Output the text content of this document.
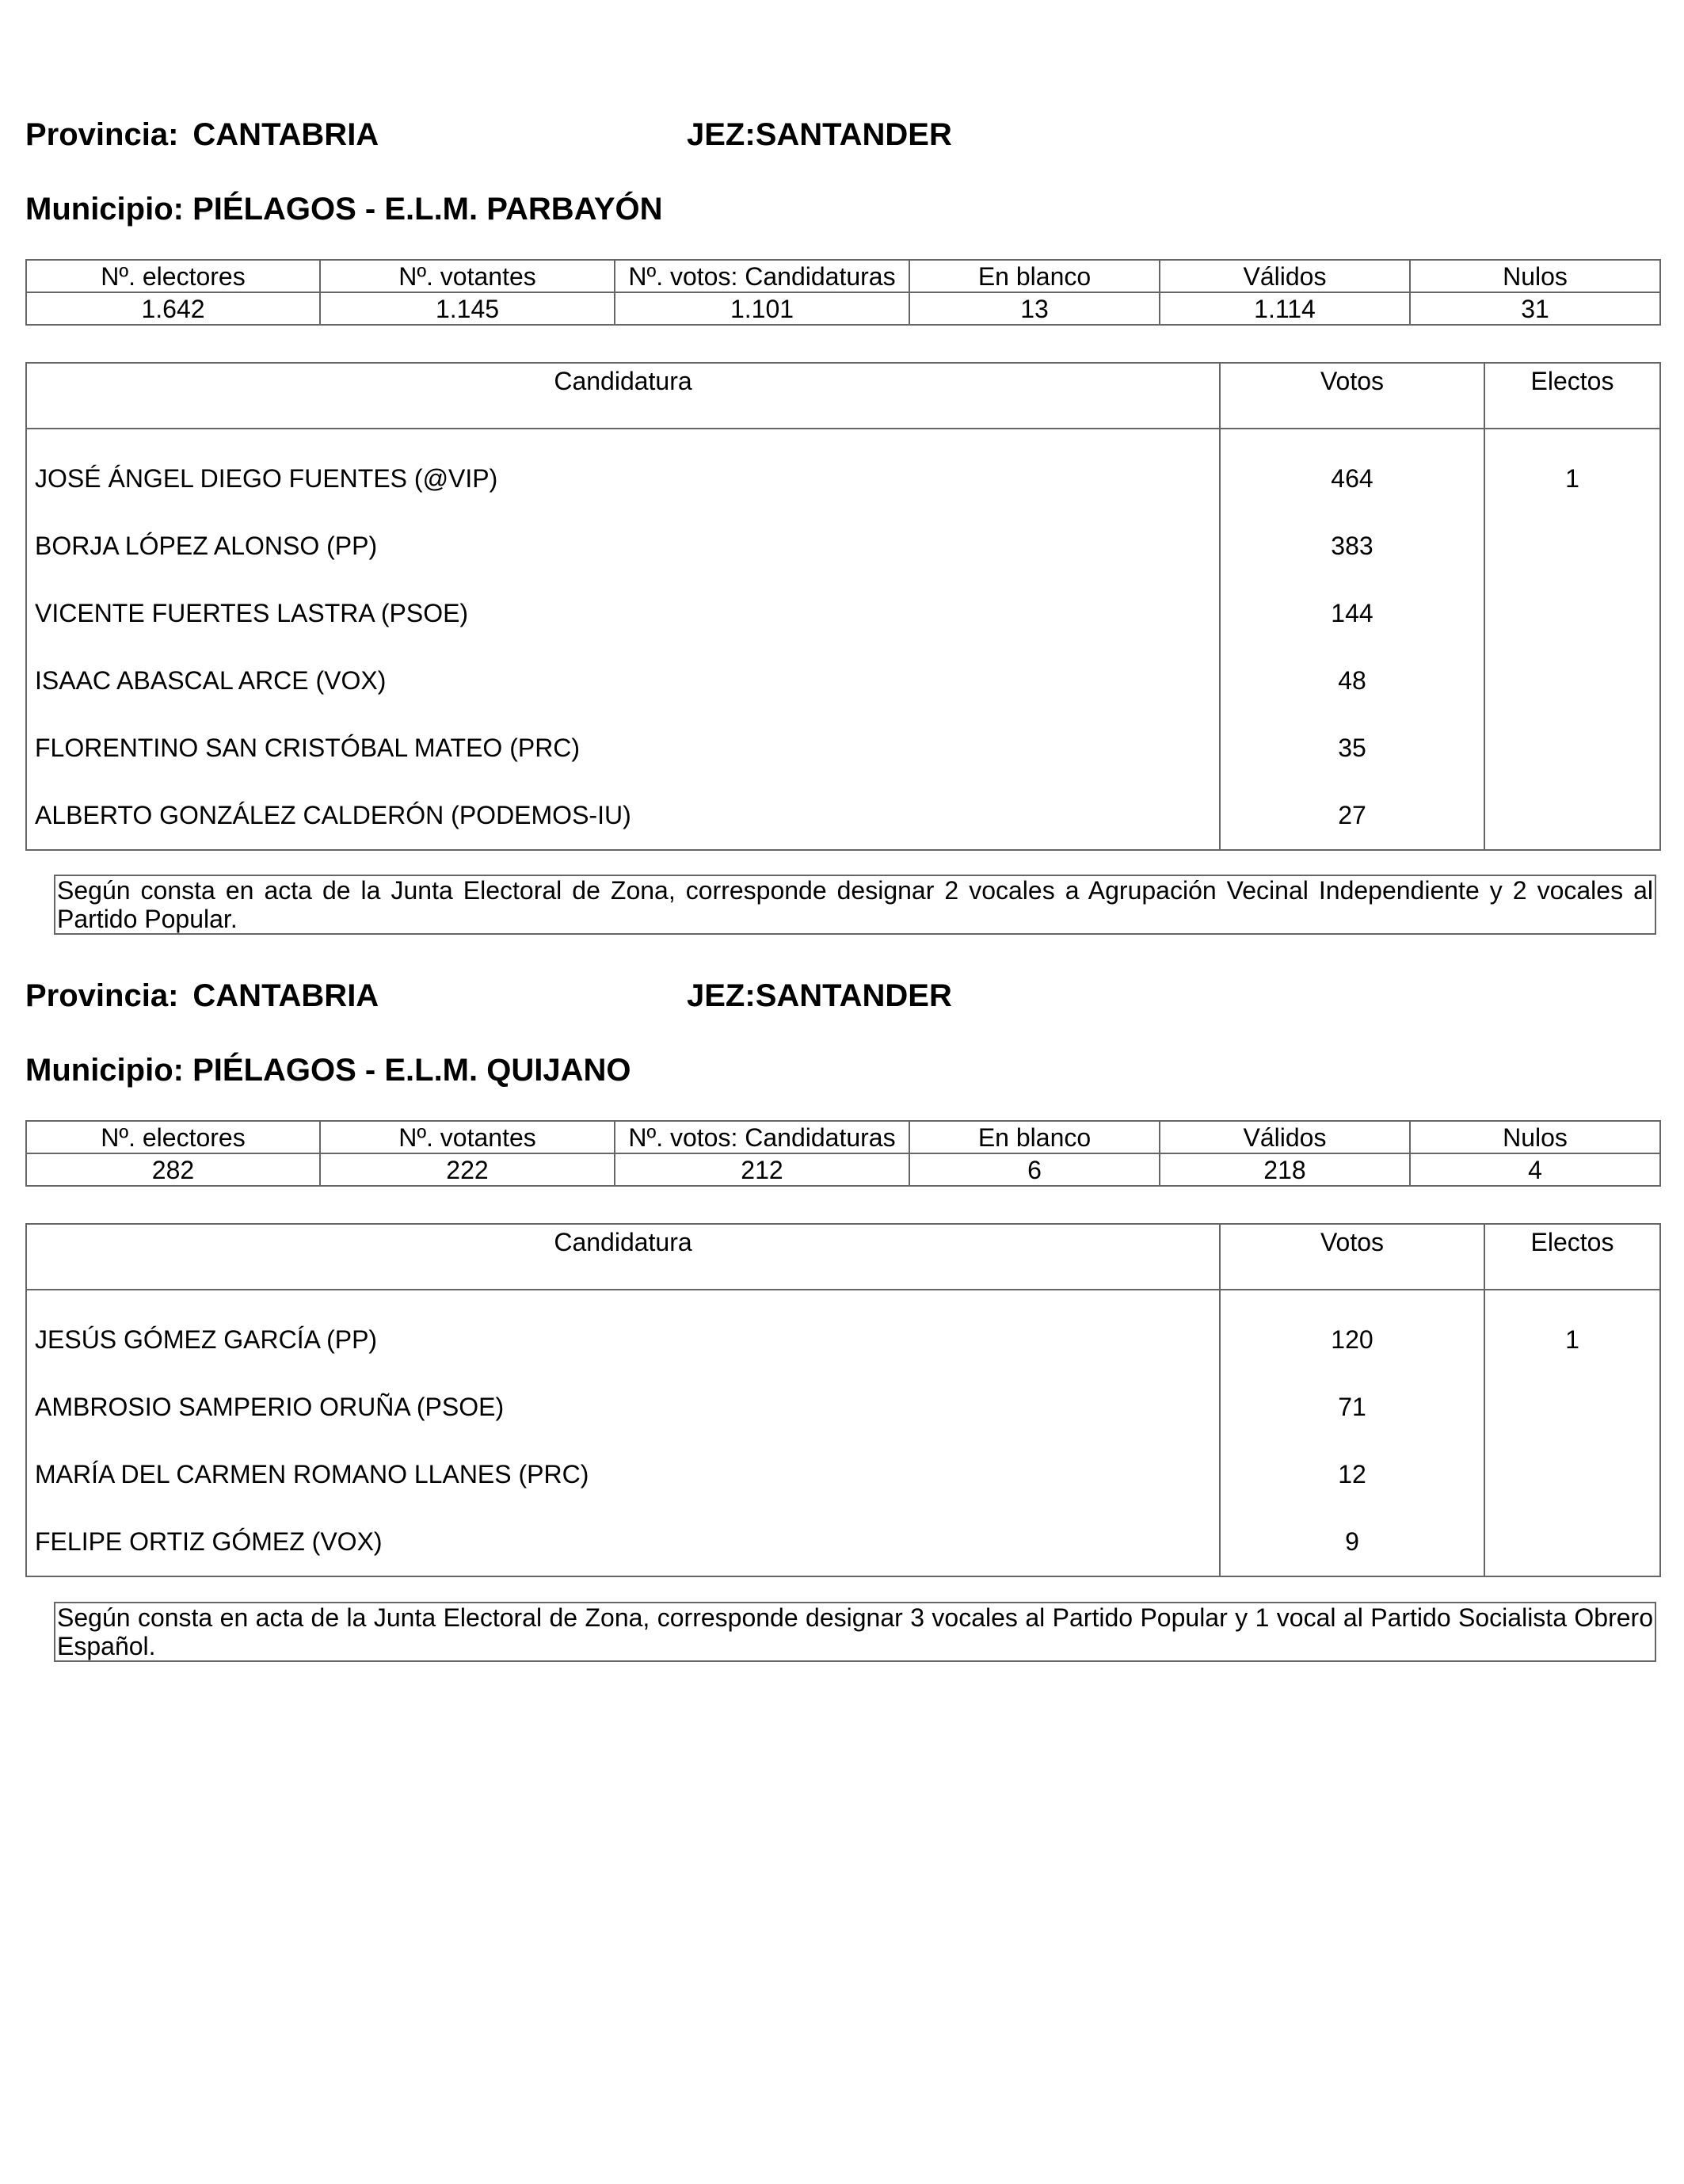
Provincia: CANTABRIA	JEZ:SANTANDER
Municipio: PIÉLAGOS - E.L.M. PARBAYÓN
Nº. electores	Nº. votantes	Nº. votos: Candidaturas	En blanco	Válidos	Nulos
1.642	1.145	1.101	13	1.114	31
Candidatura	Votos	Electos

JOSÉ ÁNGEL DIEGO FUENTES (@VIP)	464	1
BORJA LÓPEZ ALONSO (PP)	383	
VICENTE FUERTES LASTRA (PSOE)	144	
ISAAC ABASCAL ARCE (VOX)	48	
FLORENTINO SAN CRISTÓBAL MATEO (PRC)	35	
ALBERTO GONZÁLEZ CALDERÓN (PODEMOS-IU)	27	
Según consta en acta de la Junta Electoral de Zona, corresponde designar 2 vocales a Agrupación Vecinal Independiente y 2 vocales al Partido Popular.
Provincia: CANTABRIA	JEZ:SANTANDER
Municipio: PIÉLAGOS - E.L.M. QUIJANO
Nº. electores	Nº. votantes	Nº. votos: Candidaturas	En blanco	Válidos	Nulos
282	222	212	6	218	4
Candidatura	Votos	Electos

JESÚS GÓMEZ GARCÍA (PP)	120	1
AMBROSIO SAMPERIO ORUÑA (PSOE)	71	
MARÍA DEL CARMEN ROMANO LLANES (PRC)	12	
FELIPE ORTIZ GÓMEZ (VOX)	9	
Según consta en acta de la Junta Electoral de Zona, corresponde designar 3 vocales al Partido Popular y 1 vocal al Partido Socialista Obrero Español.
